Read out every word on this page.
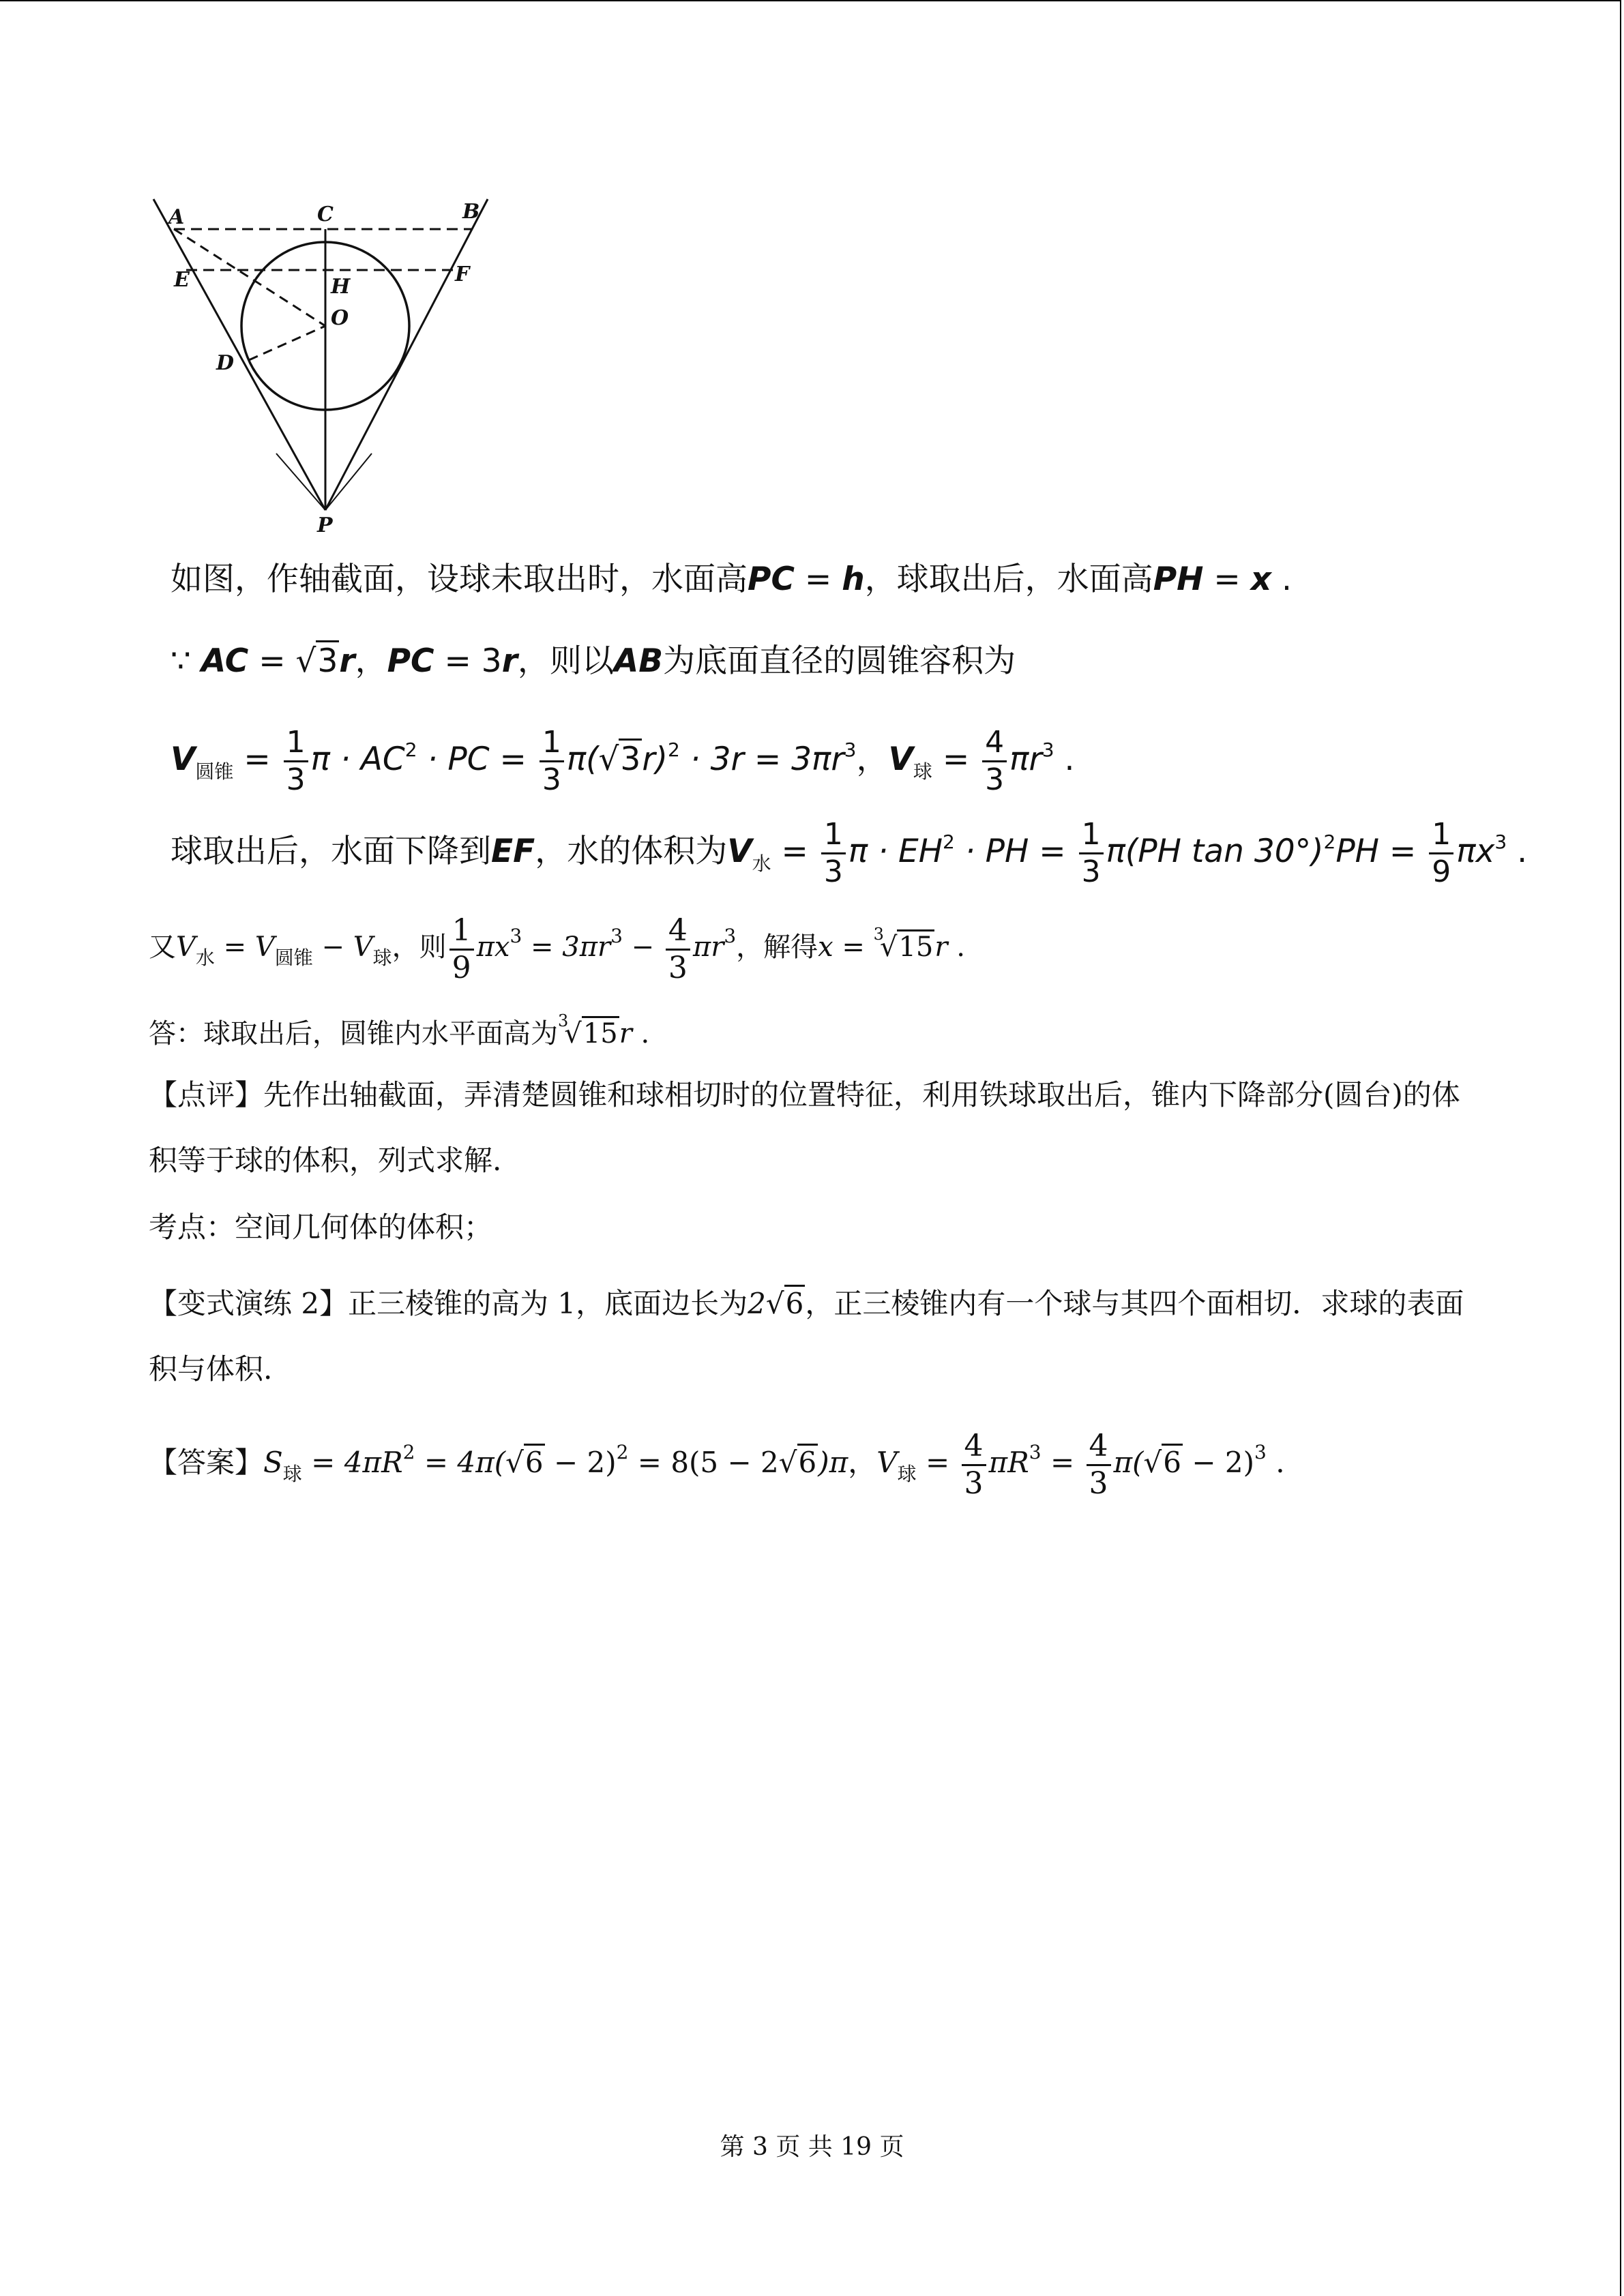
A	C	B
E	F
H
O
D
P
如图，作轴截面，设球未取出时，水面高PC = h，球取出后，水面高PH = x .
∵ AC = √3r，PC = 3r，则以AB为底面直径的圆锥容积为
$V_{圆锥} = \frac{1}{3}$ $\pi \cdot AC^2$ · PC = $\frac{1}{3} \pi(√3r)^2 \cdot 3r = 3\pi r^3$，$V_球 = \frac{4}{3} \pi r^3$ .
球取出后，水面下降到EF，水的体积为$V_水 = \frac{1}{3}$ $\pi \cdot EH^2$ · PH = $\frac{1}{3} \pi(PH$ $\tan 30^\circ)^2PH = \frac{1}{9} \pi x^3$ .
又$V_水 = V_{圆锥} - V_球$，则 $\frac{1}{9} \pi x^3 = 3\pi r^3 - \frac{4}{3} \pi r^3$，解得x = $^3$√15r .
答：球取出后，圆锥内水平面高为$^3$√15r .
【点评】先作出轴截面，弄清楚圆锥和球相切时的位置特征，利用铁球取出后，锥内下降部分(圆台)的体
积等于球的体积，列式求解.
考点：空间几何体的体积；
【变式演练 2】正三棱锥的高为 1，底面边长为2√6，正三棱锥内有一个球与其四个面相切．求球的表面
积与体积.
【答案】$S_球 = 4\pi R^2 = 4\pi(√6 - 2)^2 = 8(5 - 2√6)\pi$，$V_球 = \frac{4}{3} \pi R^3 = \frac{4}{3} \pi(√6 - 2)^3$ .
第 3 页 共 19 页
